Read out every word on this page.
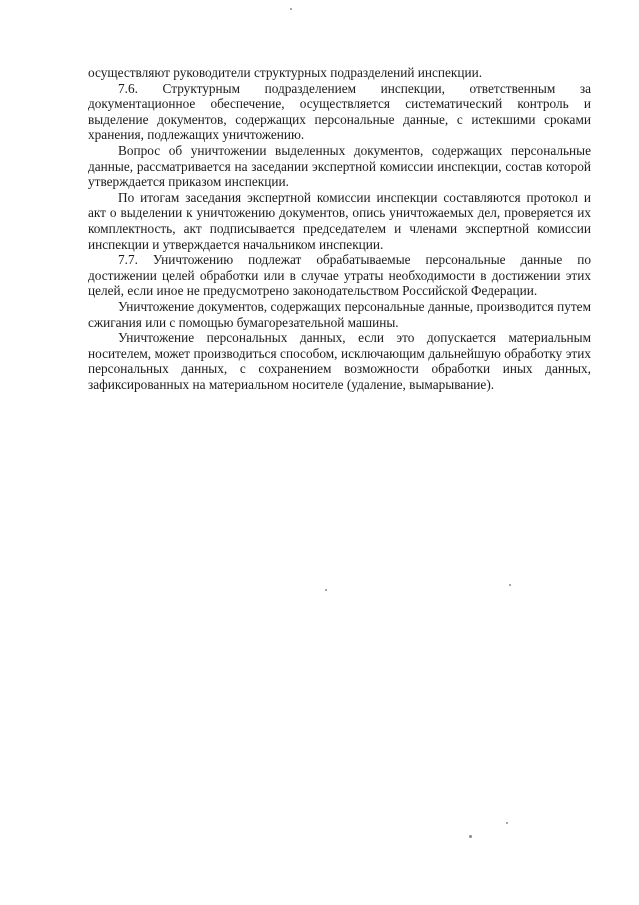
осуществляют руководители структурных подразделений инспекции.

7.6. Структурным подразделением инспекции, ответственным за документационное обеспечение, осуществляется систематический контроль и выделение документов, содержащих персональные данные, с истекшими сроками хранения, подлежащих уничтожению.

Вопрос об уничтожении выделенных документов, содержащих персональные данные, рассматривается на заседании экспертной комиссии инспекции, состав которой утверждается приказом инспекции.

По итогам заседания экспертной комиссии инспекции составляются протокол и акт о выделении к уничтожению документов, опись уничтожаемых дел, проверяется их комплектность, акт подписывается председателем и членами экспертной комиссии инспекции и утверждается начальником инспекции.

7.7. Уничтожению подлежат обрабатываемые персональные данные по достижении целей обработки или в случае утраты необходимости в достижении этих целей, если иное не предусмотрено законодательством Российской Федерации.

Уничтожение документов, содержащих персональные данные, производится путем сжигания или с помощью бумагорезательной машины.

Уничтожение персональных данных, если это допускается материальным носителем, может производиться способом, исключающим дальнейшую обработку этих персональных данных, с сохранением возможности обработки иных данных, зафиксированных на материальном носителе (удаление, вымарывание).
